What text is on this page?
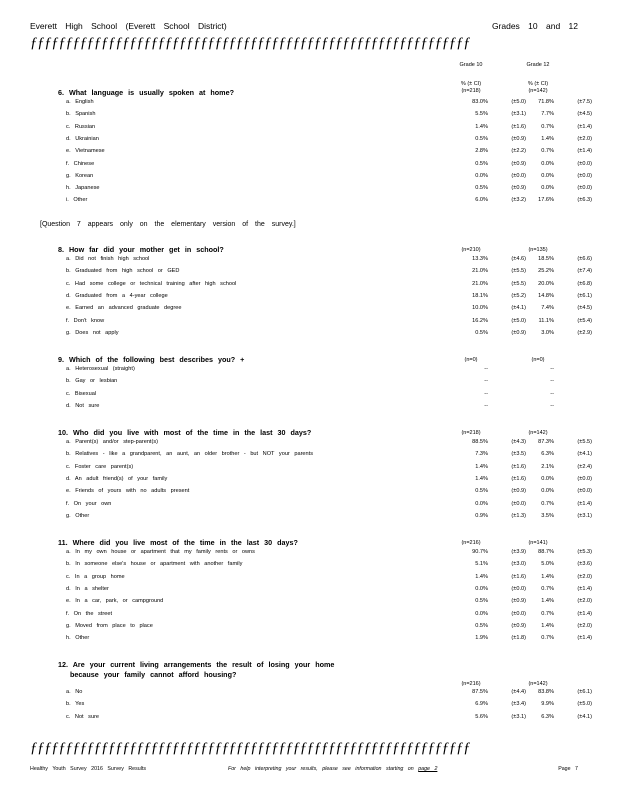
Everett High School (Everett School District)	Grades 10 and 12
ƒƒƒƒƒƒƒƒƒƒƒƒƒƒƒƒƒƒƒƒƒƒƒƒƒƒƒƒƒƒƒƒƒƒƒƒƒƒƒƒƒƒƒƒƒƒƒƒƒƒƒƒƒƒƒƒƒƒƒƒƒƒ
Grade 10	Grade 12
% (± CI)	% (± CI)
(n=218)	(n=142)
6. What language is usually spoken at home?
a. English	83.0%	(±5.0)	71.8%	(±7.5)
b. Spanish	5.5%	(±3.1)	7.7%	(±4.5)
c. Russian	1.4%	(±1.6)	0.7%	(±1.4)
d. Ukrainian	0.5%	(±0.9)	1.4%	(±2.0)
e. Vietnamese	2.8%	(±2.2)	0.7%	(±1.4)
f. Chinese	0.5%	(±0.9)	0.0%	(±0.0)
g. Korean	0.0%	(±0.0)	0.0%	(±0.0)
h. Japanese	0.5%	(±0.9)	0.0%	(±0.0)
i. Other	6.0%	(±3.2)	17.6%	(±6.3)
8. How far did your mother get in school?	(n=210)	(n=135)
a. Did not finish high school	13.3%	(±4.6)	18.5%	(±6.6)
b. Graduated from high school or GED	21.0%	(±5.5)	25.2%	(±7.4)
c. Had some college or technical training after high school	21.0%	(±5.5)	20.0%	(±6.8)
d. Graduated from a 4-year college	18.1%	(±5.2)	14.8%	(±6.1)
e. Earned an advanced graduate degree	10.0%	(±4.1)	7.4%	(±4.5)
f. Don't know	16.2%	(±5.0)	11.1%	(±5.4)
g. Does not apply	0.5%	(±0.9)	3.0%	(±2.9)
9. Which of the following best describes you? +	(n=0)	(n=0)
a. Heterosexual (straight)	--	--
b. Gay or lesbian	--	--
c. Bisexual	--	--
d. Not sure	--	--
10. Who did you live with most of the time in the last 30 days?	(n=218)	(n=142)
a. Parent(s) and/or step-parent(s)	88.5%	(±4.3)	87.3%	(±5.5)
b. Relatives - like a grandparent, an aunt, an older brother - but NOT your parents	7.3%	(±3.5)	6.3%	(±4.1)
c. Foster care parent(s)	1.4%	(±1.6)	2.1%	(±2.4)
d. An adult friend(s) of your family	1.4%	(±1.6)	0.0%	(±0.0)
e. Friends of yours with no adults present	0.5%	(±0.9)	0.0%	(±0.0)
f. On your own	0.0%	(±0.0)	0.7%	(±1.4)
g. Other	0.9%	(±1.3)	3.5%	(±3.1)
11. Where did you live most of the time in the last 30 days?	(n=216)	(n=141)
a. In my own house or apartment that my family rents or owns	90.7%	(±3.9)	88.7%	(±5.3)
b. In someone else's house or apartment with another family	5.1%	(±3.0)	5.0%	(±3.6)
c. In a group home	1.4%	(±1.6)	1.4%	(±2.0)
d. In a shelter	0.0%	(±0.0)	0.7%	(±1.4)
e. In a car, park, or campground	0.5%	(±0.9)	1.4%	(±2.0)
f. On the street	0.0%	(±0.0)	0.7%	(±1.4)
g. Moved from place to place	0.5%	(±0.9)	1.4%	(±2.0)
h. Other	1.9%	(±1.8)	0.7%	(±1.4)
12. Are your current living arrangements the result of losing your home
because your family cannot afford housing?
(n=216)	(n=142)
a. No	87.5%	(±4.4)	83.8%	(±6.1)
b. Yes	6.9%	(±3.4)	9.9%	(±5.0)
c. Not sure	5.6%	(±3.1)	6.3%	(±4.1)
[Question 7 appears only on the elementary version of the survey.]
ƒƒƒƒƒƒƒƒƒƒƒƒƒƒƒƒƒƒƒƒƒƒƒƒƒƒƒƒƒƒƒƒƒƒƒƒƒƒƒƒƒƒƒƒƒƒƒƒƒƒƒƒƒƒƒƒƒƒƒƒƒƒ
Healthy Youth Survey 2016 Survey Results	For help interpreting your results, please see information starting on page 2	Page 7
